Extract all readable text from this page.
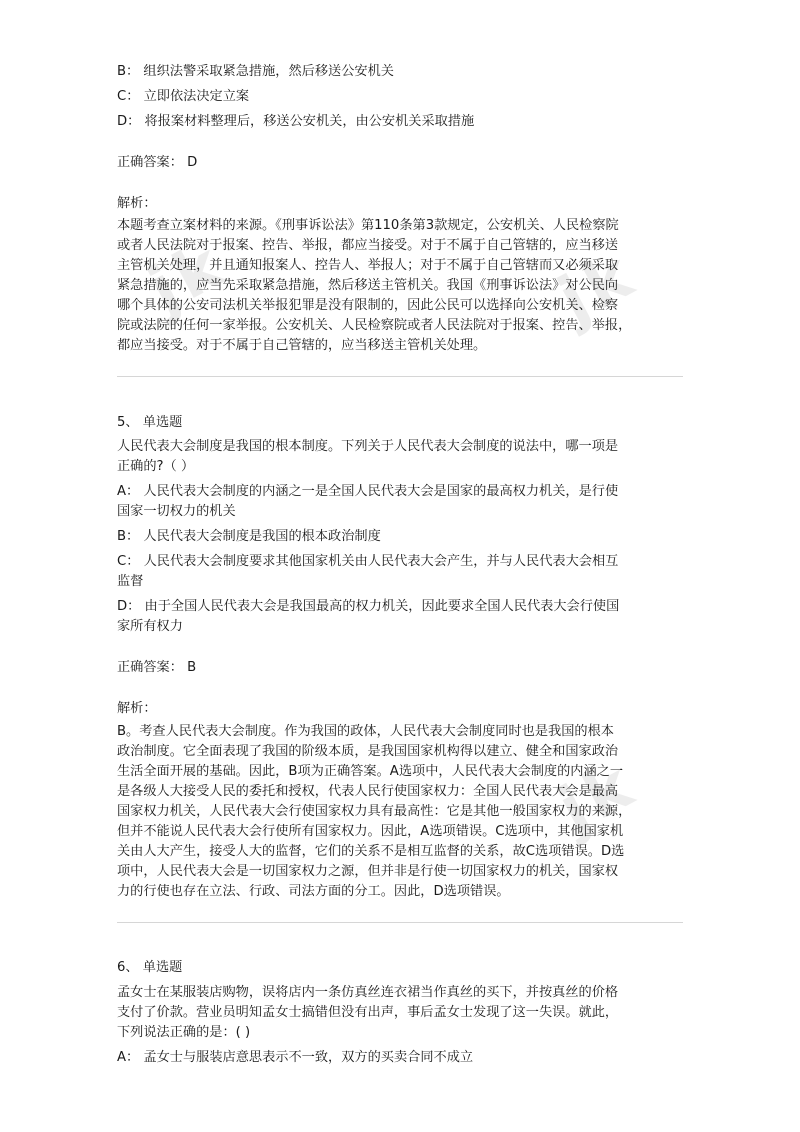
jk	jk
jk
B： 组织法警采取紧急措施，然后移送公安机关
C： 立即依法决定立案
D： 将报案材料整理后，移送公安机关，由公安机关采取措施
正确答案： D
解析：
本题考查立案材料的来源。《刑事诉讼法》第110条第3款规定，公安机关、人民检察院
或者人民法院对于报案、控告、举报，都应当接受。对于不属于自己管辖的，应当移送
主管机关处理，并且通知报案人、控告人、举报人；对于不属于自己管辖而又必须采取
紧急措施的，应当先采取紧急措施，然后移送主管机关。我国《刑事诉讼法》对公民向
哪个具体的公安司法机关举报犯罪是没有限制的，因此公民可以选择向公安机关、检察
院或法院的任何一家举报。公安机关、人民检察院或者人民法院对于报案、控告、举报，
都应当接受。对于不属于自己管辖的，应当移送主管机关处理。
5、 单选题
人民代表大会制度是我国的根本制度。下列关于人民代表大会制度的说法中，哪一项是
正确的?（ ）
A： 人民代表大会制度的内涵之一是全国人民代表大会是国家的最高权力机关，是行使
国家一切权力的机关
B： 人民代表大会制度是我国的根本政治制度
C： 人民代表大会制度要求其他国家机关由人民代表大会产生，并与人民代表大会相互
监督
D： 由于全国人民代表大会是我国最高的权力机关，因此要求全国人民代表大会行使国
家所有权力
正确答案： B
解析：
B。考查人民代表大会制度。作为我国的政体，人民代表大会制度同时也是我国的根本
政治制度。它全面表现了我国的阶级本质，是我国国家机构得以建立、健全和国家政治
生活全面开展的基础。因此，B项为正确答案。A选项中，人民代表大会制度的内涵之一
是各级人大接受人民的委托和授权，代表人民行使国家权力：全国人民代表大会是最高
国家权力机关，人民代表大会行使国家权力具有最高性：它是其他一般国家权力的来源，
但并不能说人民代表大会行使所有国家权力。因此，A选项错误。C选项中，其他国家机
关由人大产生，接受人大的监督，它们的关系不是相互监督的关系，故C选项错误。D选
项中，人民代表大会是一切国家权力之源，但并非是行使一切国家权力的机关，国家权
力的行使也存在立法、行政、司法方面的分工。因此，D选项错误。
6、 单选题
孟女士在某服装店购物，误将店内一条仿真丝连衣裙当作真丝的买下，并按真丝的价格
支付了价款。营业员明知孟女士搞错但没有出声，事后孟女士发现了这一失误。就此，
下列说法正确的是：( )
A： 孟女士与服装店意思表示不一致，双方的买卖合同不成立
